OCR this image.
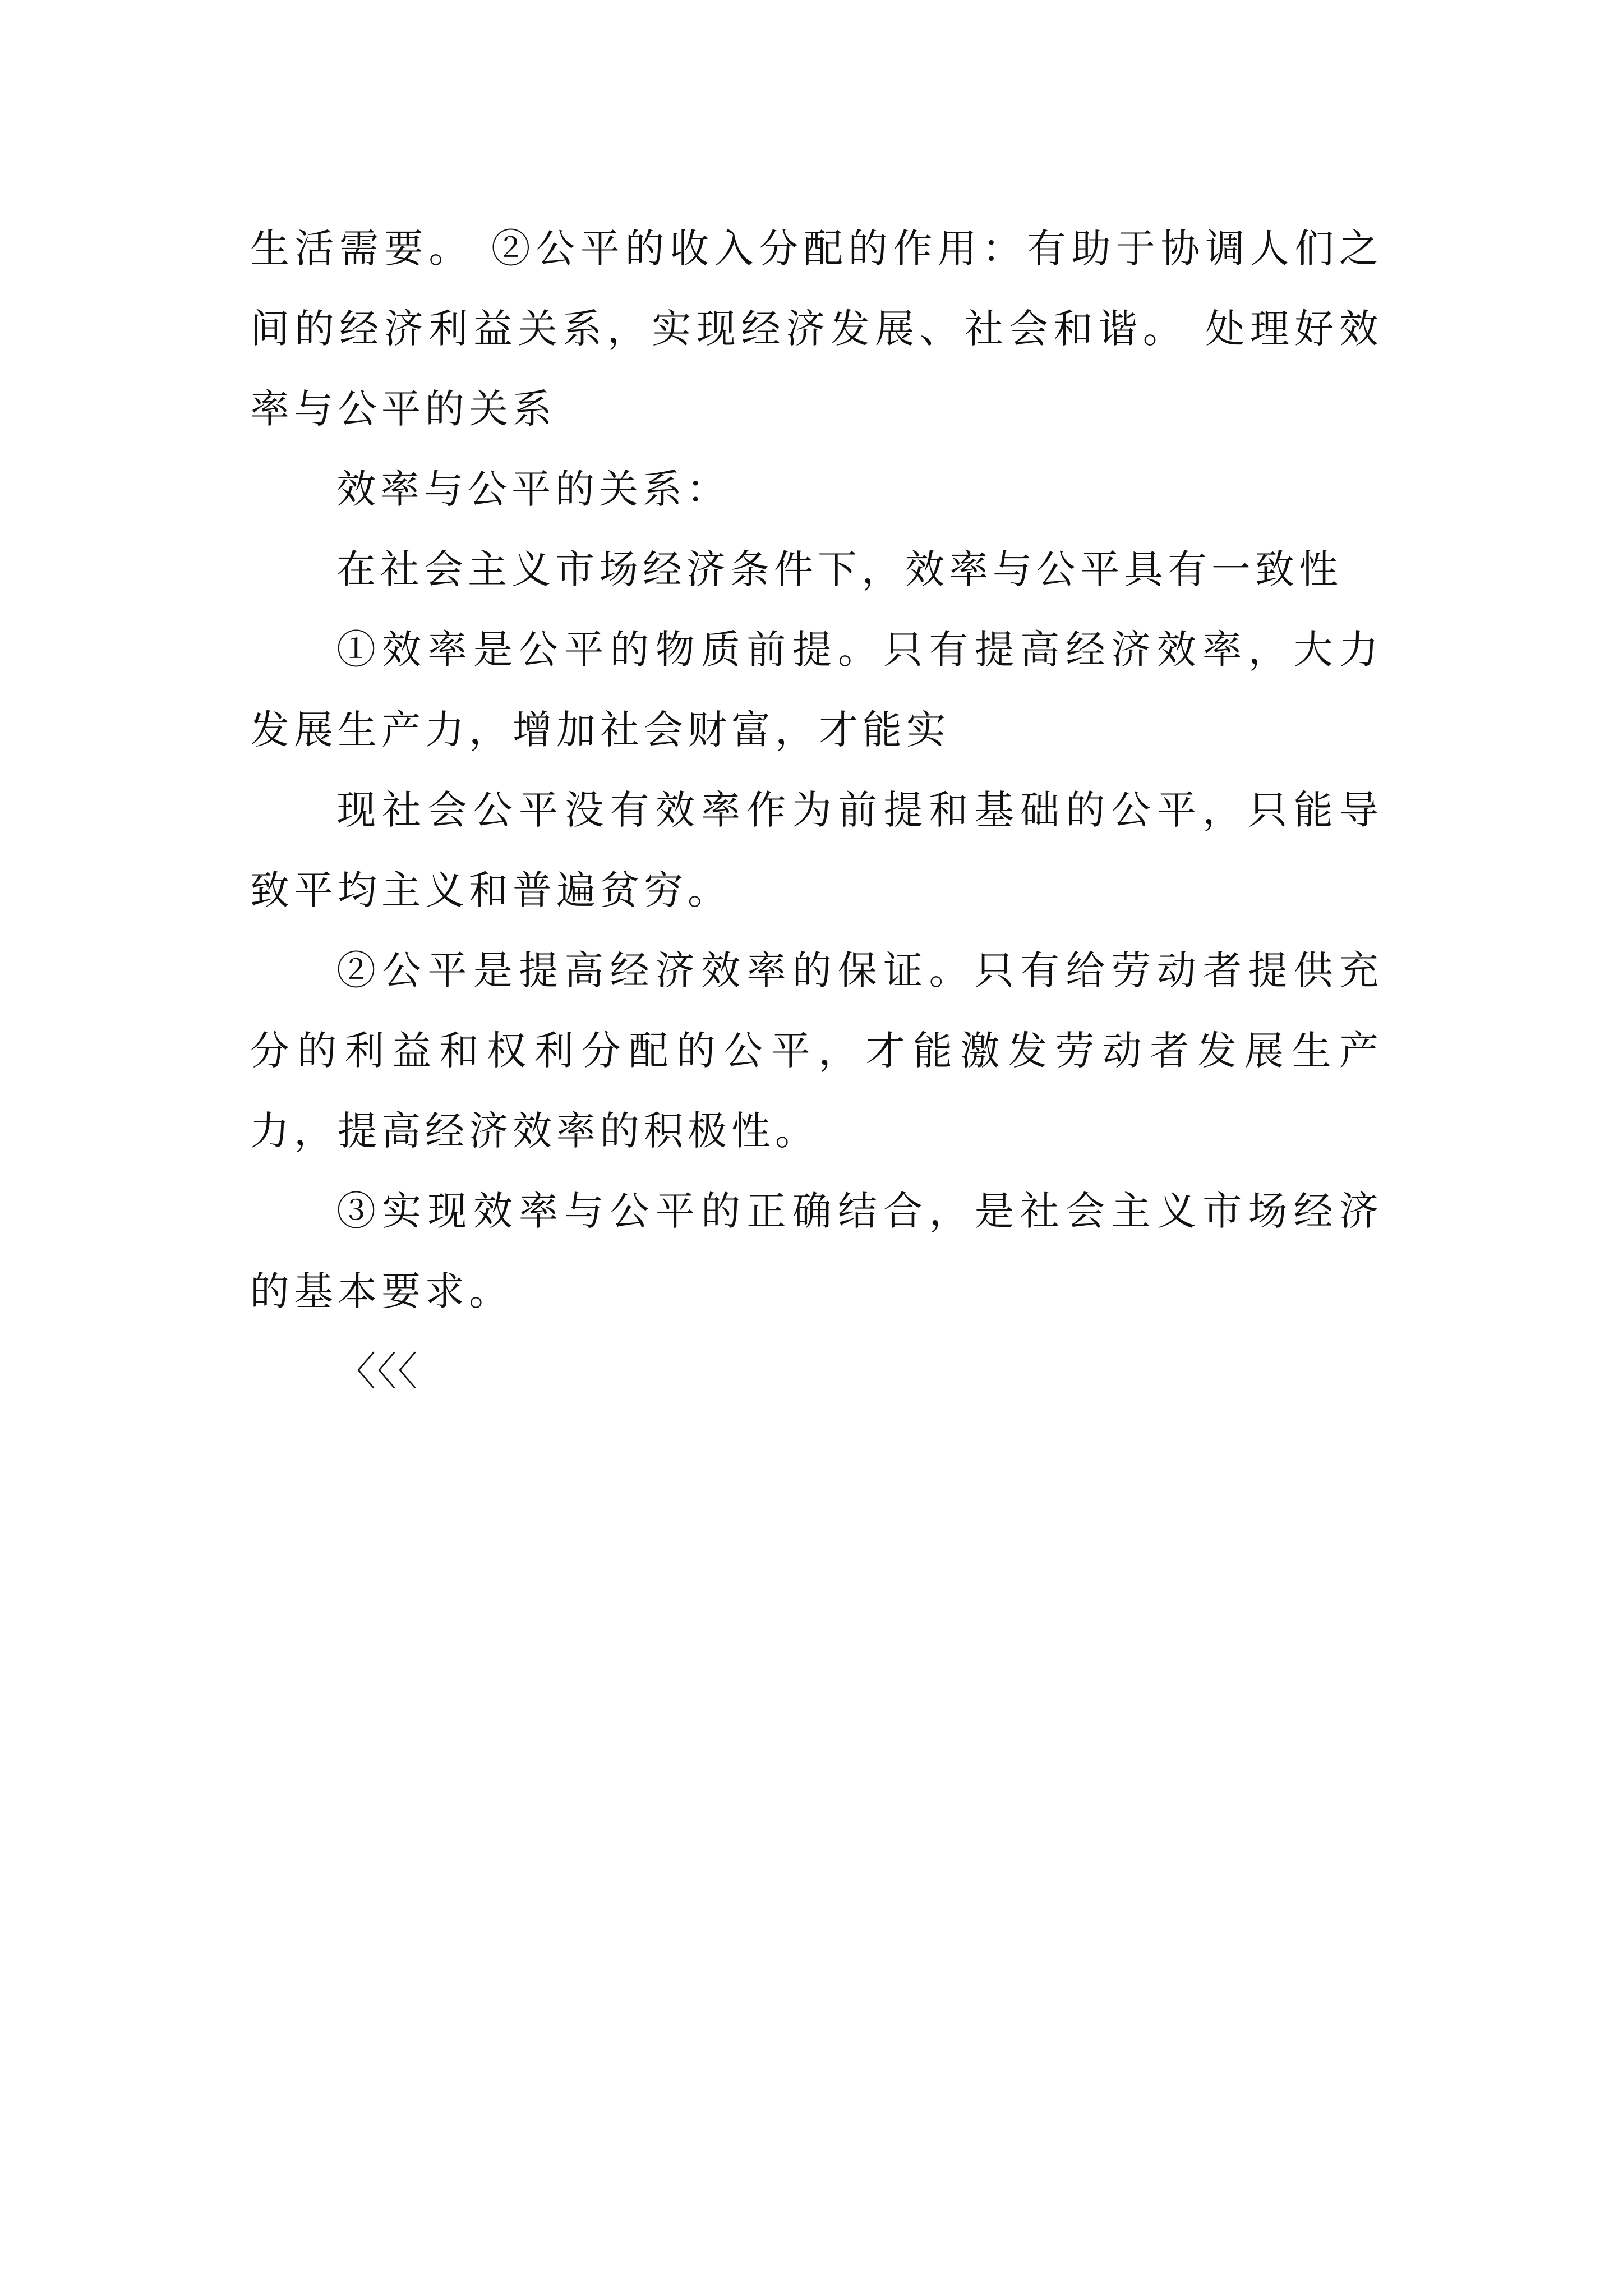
生活需要。 ②公平的收入分配的作用：有助于协调人们之间的经济利益关系，实现经济发展、社会和谐。 处理好效率与公平的关系

效率与公平的关系：

在社会主义市场经济条件下，效率与公平具有一致性

①效率是公平的物质前提。只有提高经济效率，大力发展生产力，增加社会财富，才能实

现社会公平没有效率作为前提和基础的公平，只能导致平均主义和普遍贫穷。

②公平是提高经济效率的保证。只有给劳动者提供充分的利益和权利分配的公平，才能激发劳动者发展生产力，提高经济效率的积极性。

③实现效率与公平的正确结合，是社会主义市场经济的基本要求。

〈〈〈
